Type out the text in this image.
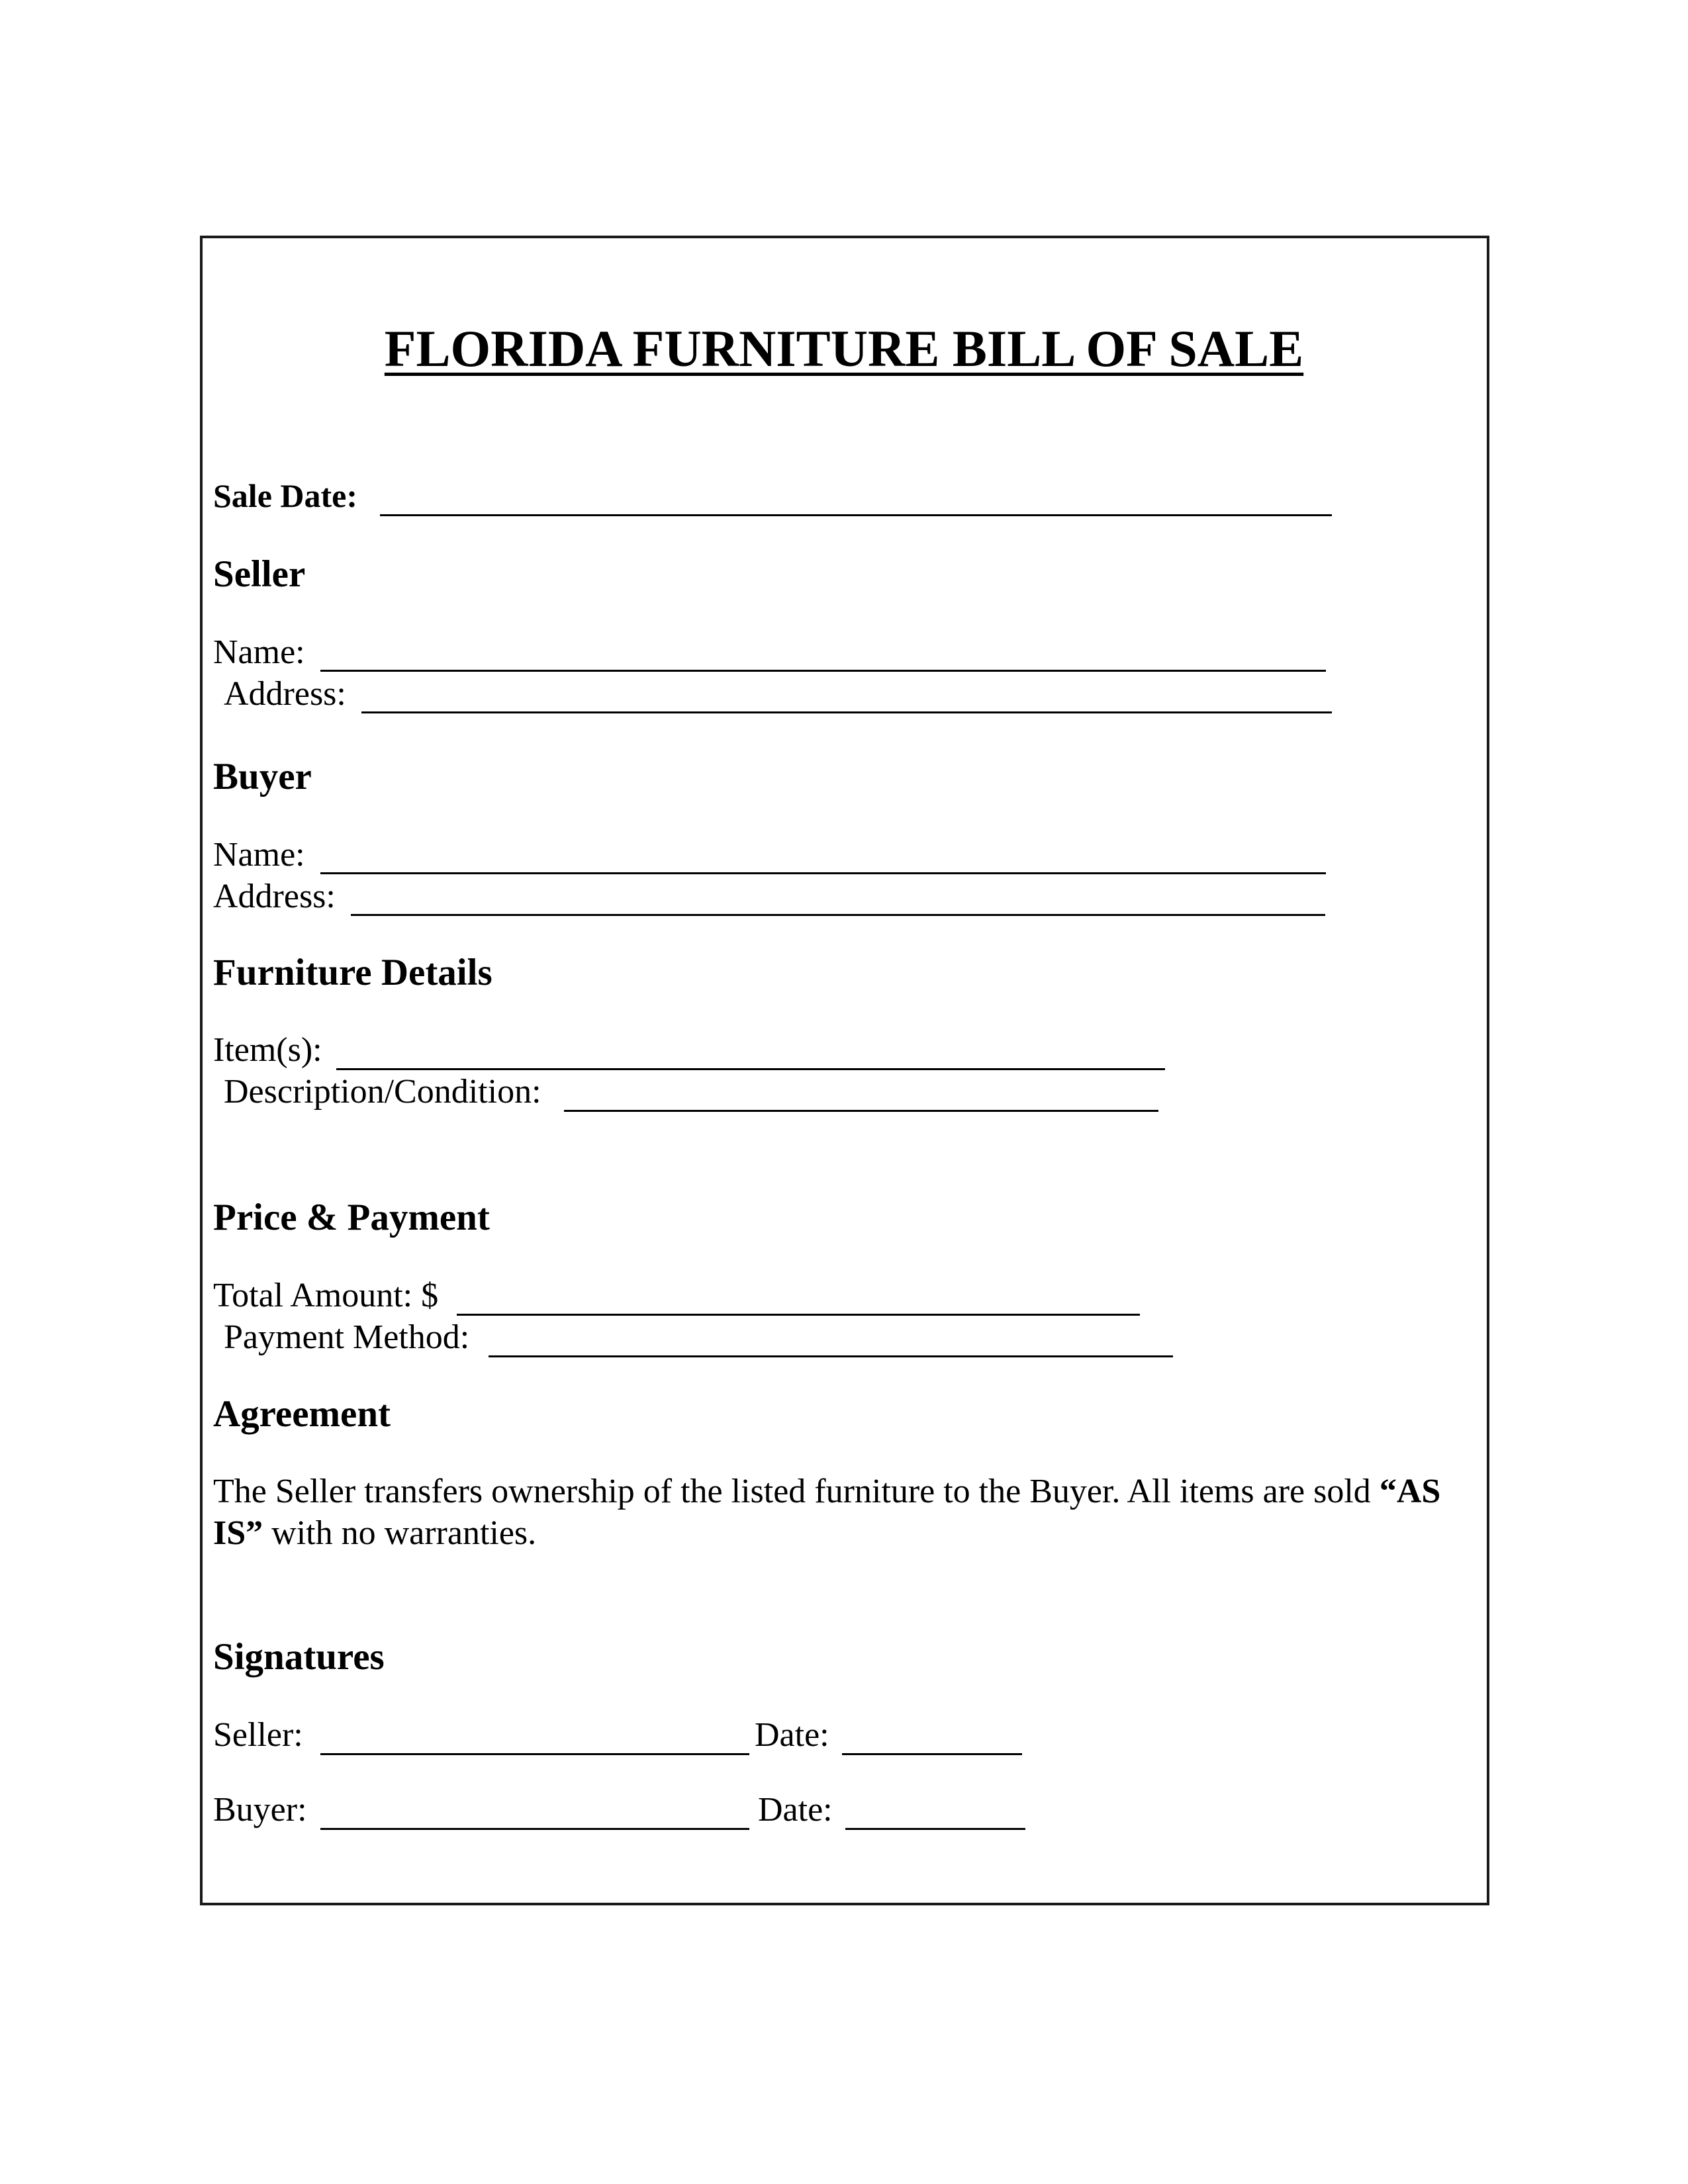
FLORIDA FURNITURE BILL OF SALE
Sale Date:
Seller
Name:
Address:
Buyer
Name:
Address:
Furniture Details
Item(s):
Description/Condition:
Price & Payment
Total Amount: $
Payment Method:
Agreement
The Seller transfers ownership of the listed furniture to the Buyer. All items are sold “AS IS” with no warranties.
Signatures
Seller:	Date:
Buyer:	Date:
